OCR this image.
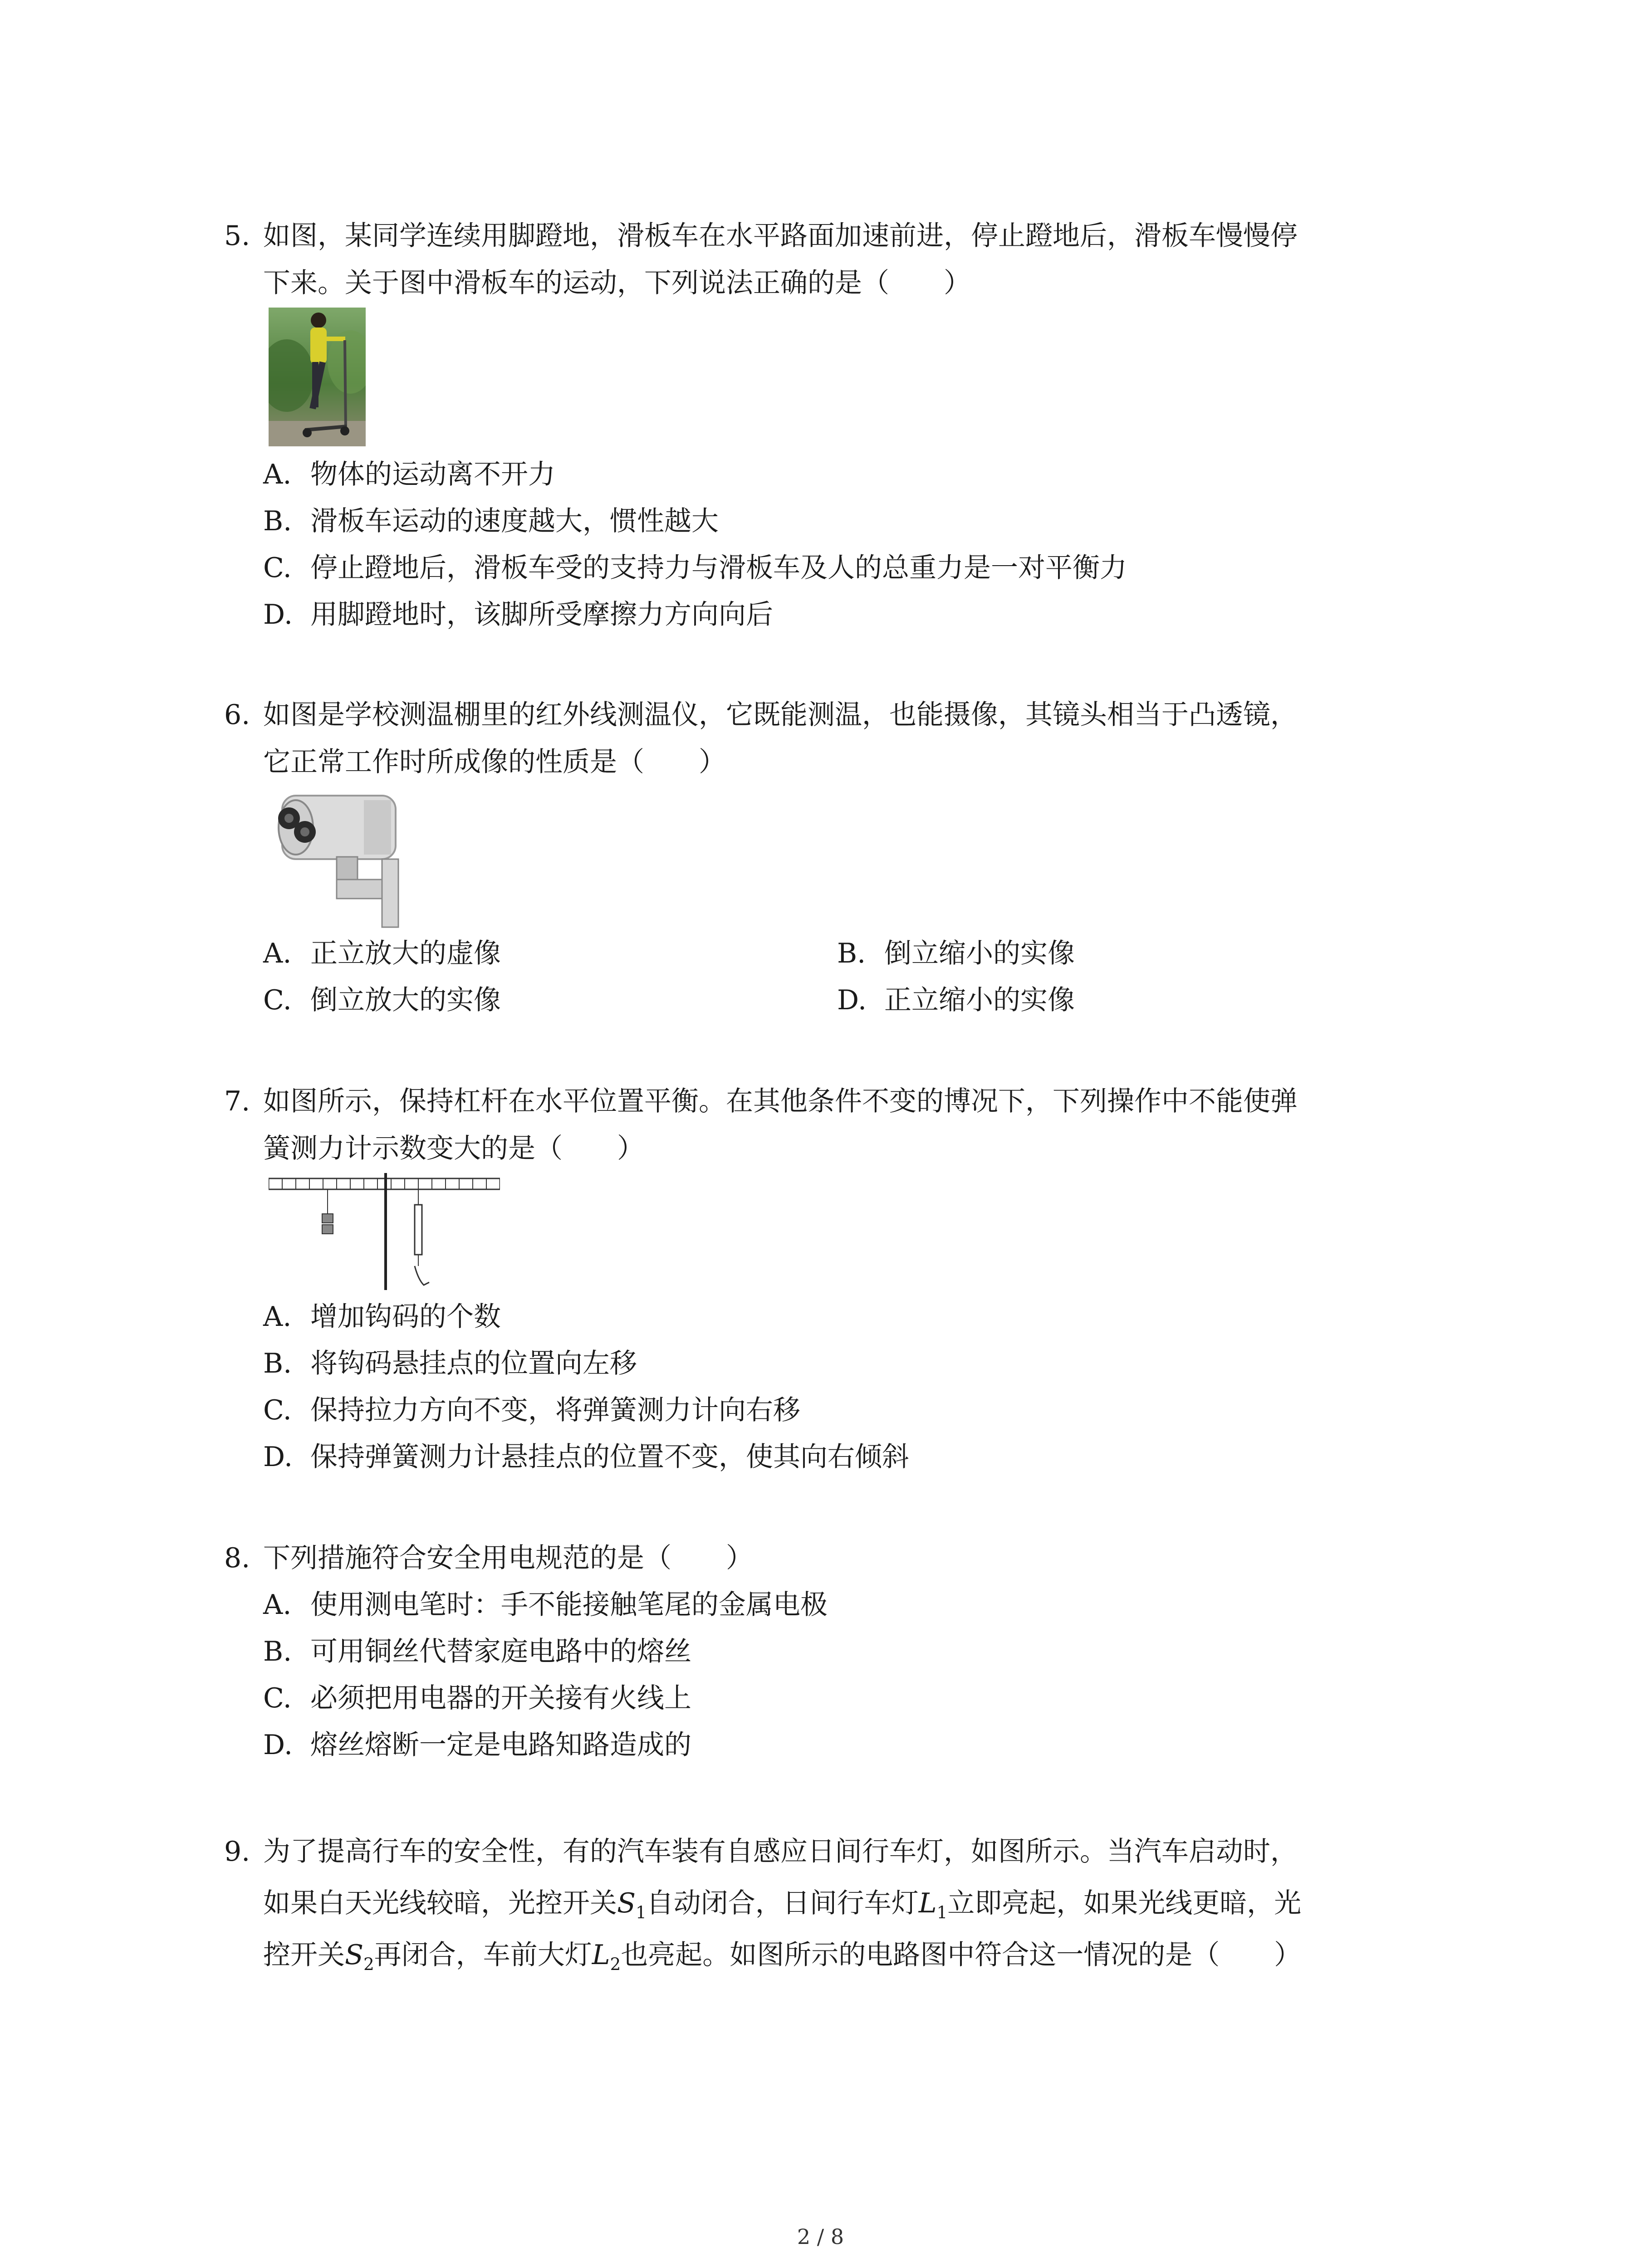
5. 如图，某同学连续用脚蹬地，滑板车在水平路面加速前进，停止蹬地后，滑板车慢慢停
下来。关于图中滑板车的运动，下列说法正确的是（　　）
A. 物体的运动离不开力
B. 滑板车运动的速度越大，惯性越大
C. 停止蹬地后，滑板车受的支持力与滑板车及人的总重力是一对平衡力
D. 用脚蹬地时，该脚所受摩擦力方向向后
6. 如图是学校测温棚里的红外线测温仪，它既能测温，也能摄像，其镜头相当于凸透镜，
它正常工作时所成像的性质是（　　）
A. 正立放大的虚像	B. 倒立缩小的实像
C. 倒立放大的实像	D. 正立缩小的实像
7. 如图所示，保持杠杆在水平位置平衡。在其他条件不变的博况下，下列操作中不能使弹
簧测力计示数变大的是（　　）
A. 增加钩码的个数
B. 将钩码悬挂点的位置向左移
C. 保持拉力方向不变，将弹簧测力计向右移
D. 保持弹簧测力计悬挂点的位置不变，使其向右倾斜
8. 下列措施符合安全用电规范的是（　　）
A. 使用测电笔时：手不能接触笔尾的金属电极
B. 可用铜丝代替家庭电路中的熔丝
C. 必须把用电器的开关接有火线上
D. 熔丝熔断一定是电路知路造成的
9. 为了提高行车的安全性，有的汽车装有自感应日间行车灯，如图所示。当汽车启动时，
如果白天光线较暗，光控开关$S_1$自动闭合，日间行车灯$L_1$立即亮起，如果光线更暗，光
控开关$S_2$再闭合，车前大灯$L_2$也亮起。如图所示的电路图中符合这一情况的是（　　）
2 / 8
